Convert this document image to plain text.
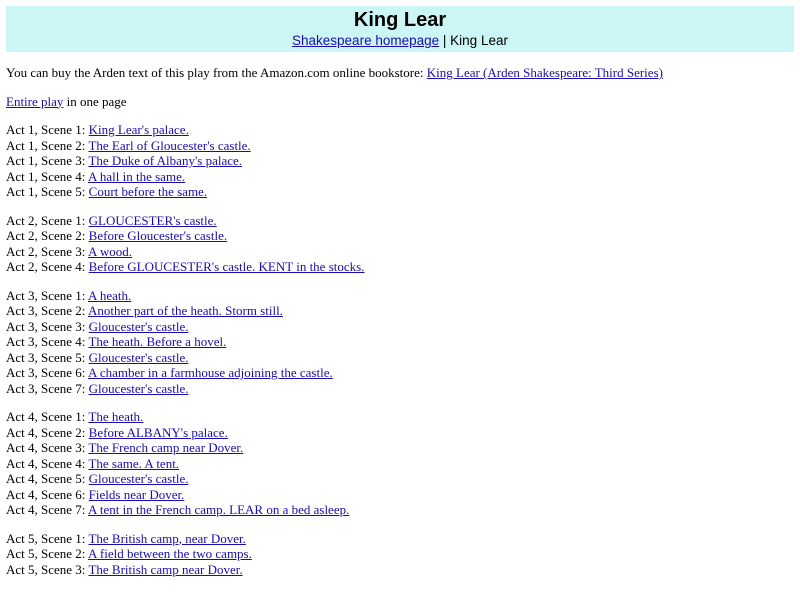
King Lear
Shakespeare homepage | King Lear

You can buy the Arden text of this play from the Amazon.com online bookstore: King Lear (Arden Shakespeare: Third Series)

Entire play in one page

Act 1, Scene 1: King Lear's palace.
Act 1, Scene 2: The Earl of Gloucester's castle.
Act 1, Scene 3: The Duke of Albany's palace.
Act 1, Scene 4: A hall in the same.
Act 1, Scene 5: Court before the same.
Act 2, Scene 1: GLOUCESTER's castle.
Act 2, Scene 2: Before Gloucester's castle.
Act 2, Scene 3: A wood.
Act 2, Scene 4: Before GLOUCESTER's castle. KENT in the stocks.
Act 3, Scene 1: A heath.
Act 3, Scene 2: Another part of the heath. Storm still.
Act 3, Scene 3: Gloucester's castle.
Act 3, Scene 4: The heath. Before a hovel.
Act 3, Scene 5: Gloucester's castle.
Act 3, Scene 6: A chamber in a farmhouse adjoining the castle.
Act 3, Scene 7: Gloucester's castle.
Act 4, Scene 1: The heath.
Act 4, Scene 2: Before ALBANY's palace.
Act 4, Scene 3: The French camp near Dover.
Act 4, Scene 4: The same. A tent.
Act 4, Scene 5: Gloucester's castle.
Act 4, Scene 6: Fields near Dover.
Act 4, Scene 7: A tent in the French camp. LEAR on a bed asleep.
Act 5, Scene 1: The British camp, near Dover.
Act 5, Scene 2: A field between the two camps.
Act 5, Scene 3: The British camp near Dover.
